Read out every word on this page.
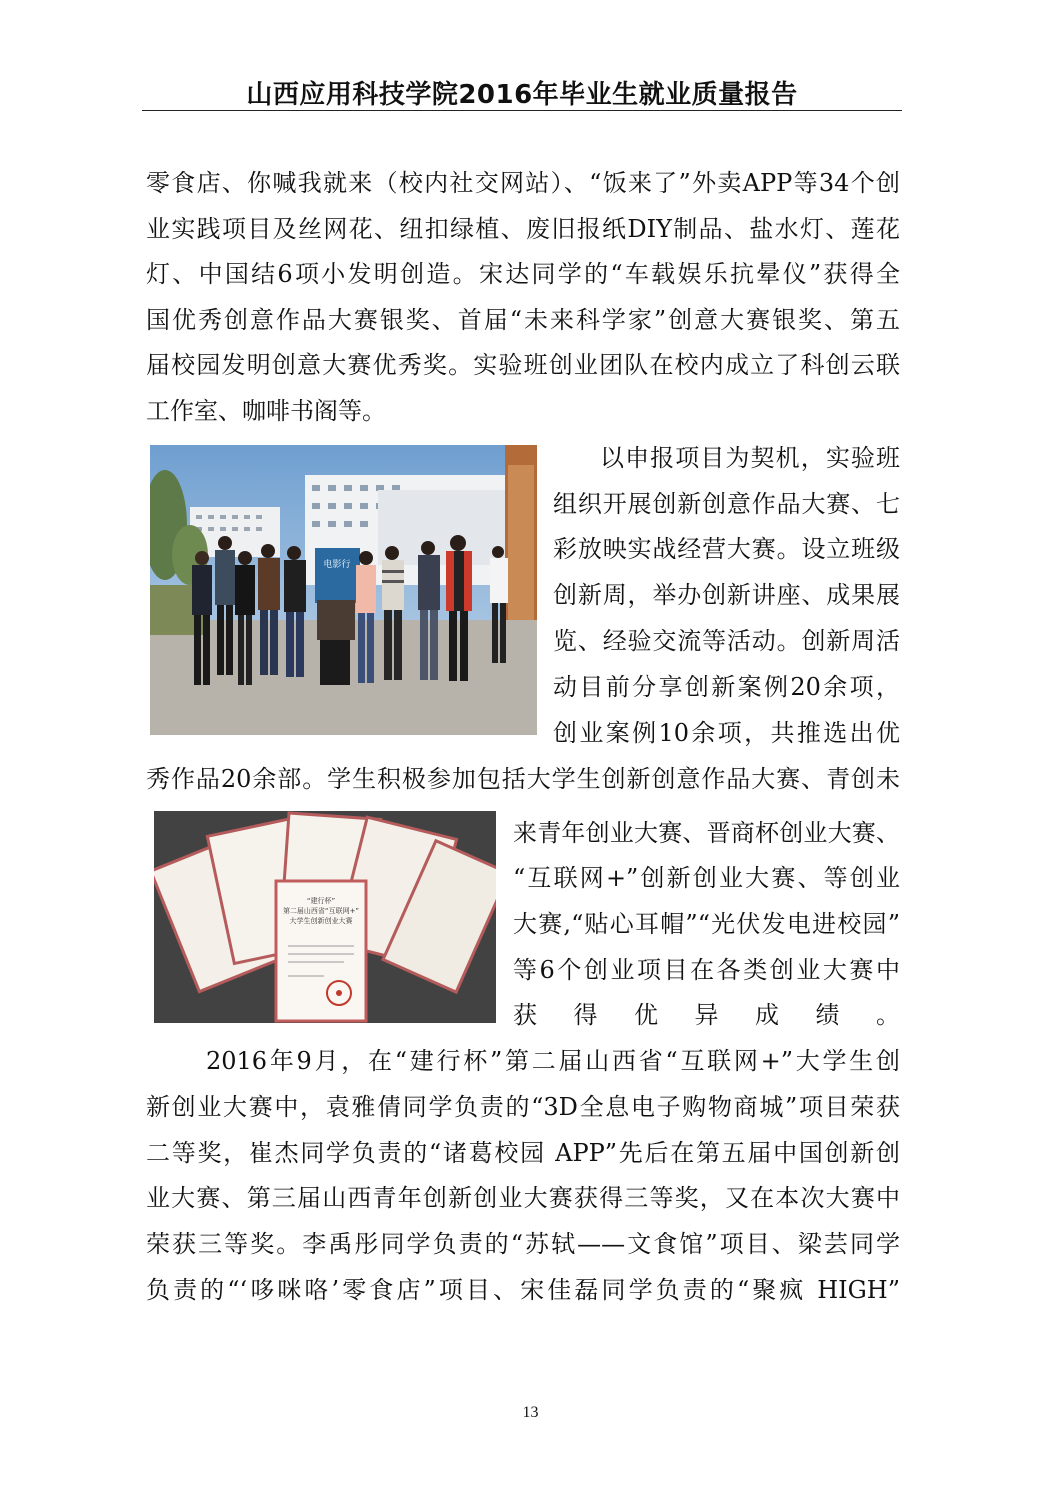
山西应用科技学院2016年毕业生就业质量报告
零食店、你喊我就来（校内社交网站）、“饭来了”外卖APP等34个创
业实践项目及丝网花、纽扣绿植、废旧报纸DIY制品、盐水灯、莲花
灯、中国结6项小发明创造。宋达同学的“车载娱乐抗晕仪”获得全
国优秀创意作品大赛银奖、首届“未来科学家”创意大赛银奖、第五
届校园发明创意大赛优秀奖。实验班创业团队在校内成立了科创云联
工作室、咖啡书阁等。
电影行
以申报项目为契机，实验班
组织开展创新创意作品大赛、七
彩放映实战经营大赛。设立班级
创新周，举办创新讲座、成果展
览、经验交流等活动。创新周活
动目前分享创新案例20余项，
创业案例10余项，共推选出优
秀作品20余部。学生积极参加包括大学生创新创意作品大赛、青创未
“建行杯”
第二届山西省“互联网+”
大学生创新创业大赛
来青年创业大赛、晋商杯创业大赛、
“互联网+”创新创业大赛、等创业
大赛,“贴心耳帽”“光伏发电进校园”
等6个创业项目在各类创业大赛中
获得优异成绩。
2016年9月，在“建行杯”第二届山西省“互联网+”大学生创
新创业大赛中，袁雅倩同学负责的“3D全息电子购物商城”项目荣获
二等奖，崔杰同学负责的“诸葛校园 APP”先后在第五届中国创新创
业大赛、第三届山西青年创新创业大赛获得三等奖，又在本次大赛中
荣获三等奖。李禹彤同学负责的“苏轼——文食馆”项目、梁芸同学
负责的“‘哆咪咯’零食店”项目、宋佳磊同学负责的“聚疯 HIGH”
13
